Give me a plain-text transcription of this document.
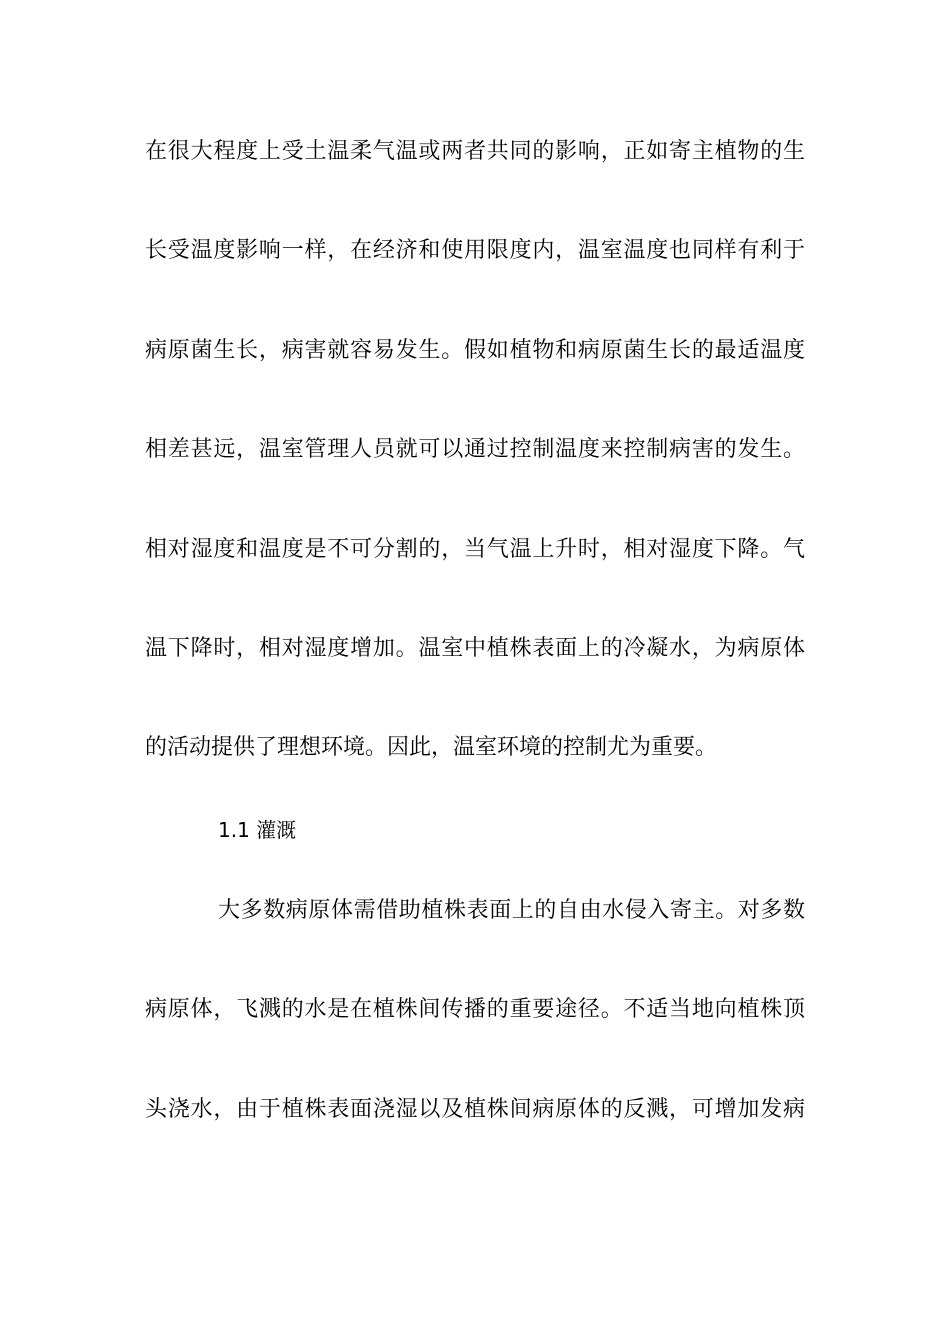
在很大程度上受土温柔气温或两者共同的影响，正如寄主植物的生
长受温度影响一样，在经济和使用限度内，温室温度也同样有利于
病原菌生长，病害就容易发生。假如植物和病原菌生长的最适温度
相差甚远，温室管理人员就可以通过控制温度来控制病害的发生。
相对湿度和温度是不可分割的，当气温上升时，相对湿度下降。气
温下降时，相对湿度增加。温室中植株表面上的冷凝水，为病原体
的活动提供了理想环境。因此，温室环境的控制尤为重要。
1.1 灌溉
大多数病原体需借助植株表面上的自由水侵入寄主。对多数
病原体，飞溅的水是在植株间传播的重要途径。不适当地向植株顶
头浇水，由于植株表面浇湿以及植株间病原体的反溅，可增加发病
